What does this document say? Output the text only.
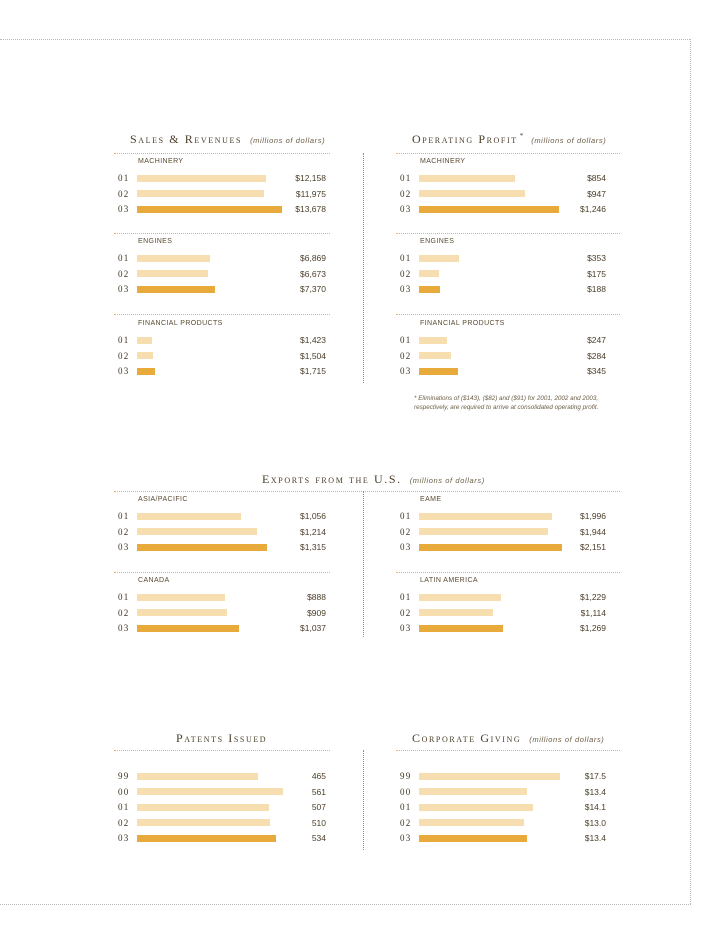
Sales & Revenues (millions of dollars)	Operating Profit * (millions of dollars)
Exports from the U.S. (millions of dollars)
Patents Issued	Corporate Giving (millions of dollars)
* Eliminations of ($143), ($82) and ($91) for 2001, 2002 and 2003, respectively, are required to arrive at consolidated operating profit.
MACHINERY
01	$12,158
02	$11,975
03	$13,678
ENGINES
01	$6,869
02	$6,673
03	$7,370
FINANCIAL PRODUCTS
01	$1,423
02	$1,504
03	$1,715
MACHINERY
01	$854
02	$947
03	$1,246
ENGINES
01	$353
02	$175
03	$188
FINANCIAL PRODUCTS
01	$247
02	$284
03	$345
ASIA/PACIFIC
01	$1,056
02	$1,214
03	$1,315
EAME
01	$1,996
02	$1,944
03	$2,151
CANADA
01	$888
02	$909
03	$1,037
LATIN AMERICA
01	$1,229
02	$1,114
03	$1,269
99	465
00	561
01	507
02	510
03	534
99	$17.5
00	$13.4
01	$14.1
02	$13.0
03	$13.4
